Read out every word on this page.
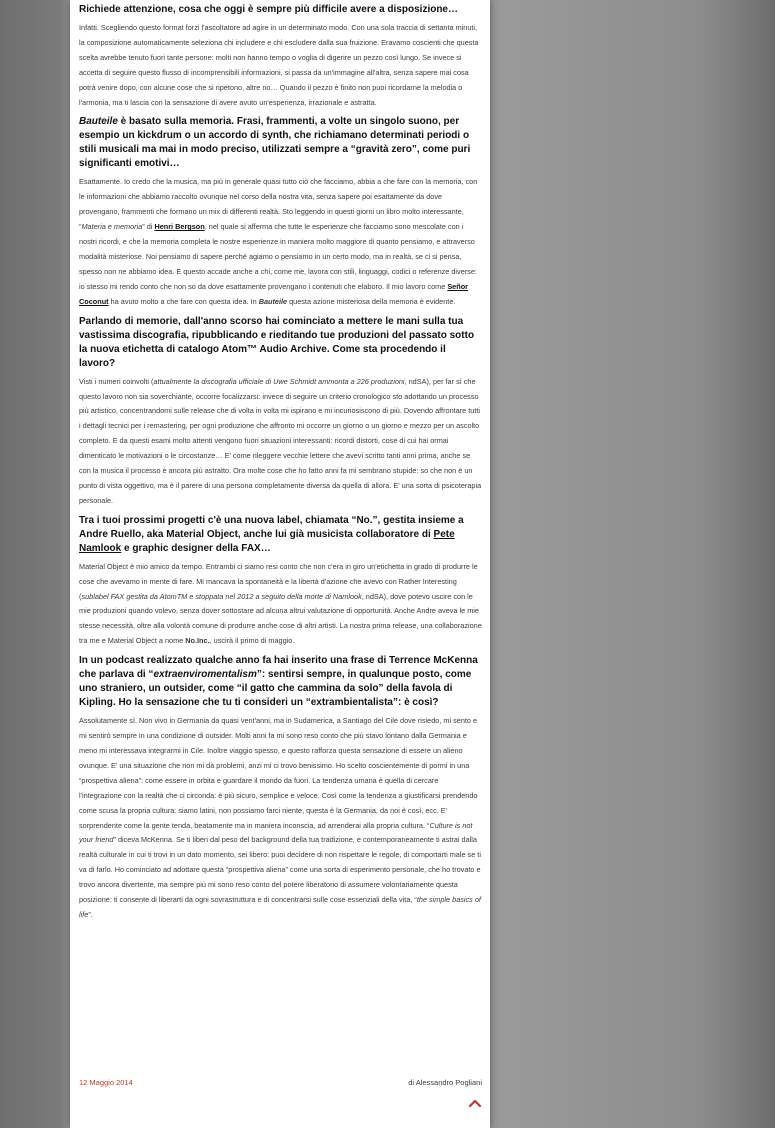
Richiede attenzione, cosa che oggi è sempre più difficile avere a disposizione…
Infatti. Scegliendo questo format forzi l'ascoltatore ad agire in un determinato modo. Con una sola traccia di settanta minuti, la composizione automaticamente seleziona chi includere e chi escludere dalla sua fruizione. Eravamo coscienti che questa scelta avrebbe tenuto fuori tante persone: molti non hanno tempo o voglia di digerire un pezzo così lungo. Se invece si accetta di seguire questo flusso di incomprensibili informazioni, si passa da un'immagine all'altra, senza sapere mai cosa potrà venire dopo, con alcune cose che si ripetono, altre no… Quando il pezzo è finito non puoi ricordarne la melodia o l'armonia, ma ti lascia con la sensazione di avere avuto un'esperienza, irrazionale e astratta.
Bauteile è basato sulla memoria. Frasi, frammenti, a volte un singolo suono, per esempio un kickdrum o un accordo di synth, che richiamano determinati periodi o stili musicali ma mai in modo preciso, utilizzati sempre a “gravità zero”, come puri significanti emotivi…
Esattamente. Io credo che la musica, ma più in generale quasi tutto ciò che facciamo, abbia a che fare con la memoria, con le informazioni che abbiamo raccolto ovunque nel corso della nostra vita, senza sapere poi esattamente da dove provengano, frammenti che formano un mix di differenti realtà. Sto leggendo in questi giorni un libro molto interessante, “Materia e memoria” di Henri Bergson, nel quale si afferma che tutte le esperienze che facciamo sono mescolate con i nostri ricordi, e che la memoria completa le nostre esperienze in maniera molto maggiore di quanto pensiamo, e attraverso modalità misteriose. Noi pensiamo di sapere perché agiamo o pensiamo in un certo modo, ma in realtà, se ci si pensa, spesso non ne abbiamo idea. E questo accade anche a chi, come me, lavora con stili, linguaggi, codici o referenze diverse: io stesso mi rendo conto che non so da dove esattamente provengano i contenuti che elaboro. Il mio lavoro come Señor Coconut ha avuto molto a che fare con questa idea. In Bauteile questa azione misteriosa della memoria è evidente.
Parlando di memorie, dall'anno scorso hai cominciato a mettere le mani sulla tua vastissima discografia, ripubblicando e rieditando tue produzioni del passato sotto la nuova etichetta di catalogo Atom™ Audio Archive. Come sta procedendo il lavoro?
Visti i numeri coinvolti (attualmente la discografia ufficiale di Uwe Schmidt ammonta a 226 produzioni, ndSA), per far sì che questo lavoro non sia soverchiante, occorre focalizzarsi: invece di seguire un criterio cronologico sto adottando un processo più artistico, concentrandomi sulle release che di volta in volta mi ispirano e mi incuriosiscono di più. Dovendo affrontare tutti i dettagli tecnici per i remastering, per ogni produzione che affronto mi occorre un giorno o un giorno e mezzo per un ascolto completo. E da questi esami molto attenti vengono fuori situazioni interessanti: ricordi distorti, cose di cui hai ormai dimenticato le motivazioni o le circostanze… E' come rileggere vecchie lettere che avevi scritto tanti anni prima, anche se con la musica il processo è ancora più astratto. Ora molte cose che ho fatto anni fa mi sembrano stupide: so che non è un punto di vista oggettivo, ma è il parere di una persona completamente diversa da quella di allora. E' una sorta di psicoterapia personale.
Tra i tuoi prossimi progetti c'è una nuova label, chiamata “No.”, gestita insieme a Andre Ruello, aka Material Object, anche lui già musicista collaboratore di Pete Namlook e graphic designer della FAX…
Material Object è mio amico da tempo. Entrambi ci siamo resi conto che non c'era in giro un'etichetta in grado di produrre le cose che avevamo in mente di fare. Mi mancava la spontaneità e la libertà d'azione che avevo con Rather Interesting (sublabel FAX gestita da AtomTM e stoppata nel 2012 a seguito della morte di Namlook, ndSA), dove potevo uscire con le mie produzioni quando volevo, senza dover sottostare ad alcuna altrui valutazione di opportunità. Anche Andre aveva le mie stesse necessità, oltre alla volontà comune di produrre anche cose di altri artisti. La nostra prima release, una collaborazione tra me e Material Object a nome No.Inc., uscirà il primo di maggio.
In un podcast realizzato qualche anno fa hai inserito una frase di Terrence McKenna che parlava di “extraenviromentalism”: sentirsi sempre, in qualunque posto, come uno straniero, un outsider, come “il gatto che cammina da solo” della favola di Kipling. Ho la sensazione che tu ti consideri un “extrambientalista”: è così?
Assolutamente sì. Non vivo in Germania da quasi vent'anni, ma in Sudamerica, a Santiago del Cile dove risiedo, mi sento e mi sentirò sempre in una condizione di outsider. Molti anni fa mi sono reso conto che più stavo lontano dalla Germania e meno mi interessava integrarmi in Cile. Inoltre viaggio spesso, e questo rafforza questa sensazione di essere un alieno ovunque. E' una situazione che non mi dà problemi, anzi mi ci trovo benissimo. Ho scelto coscientemente di pormi in una “prospettiva aliena”: come essere in orbita e guardare il mondo da fuori. La tendenza umana è quella di cercare l'integrazione con la realtà che ci circonda: è più sicuro, semplice e veloce. Così come la tendenza a giustificarsi prendendo come scusa la propria cultura: siamo latini, non possiamo farci niente, questa è la Germania, da noi è così, ecc. E' sorprendente come la gente tenda, beatamente ma in maniera inconscia, ad arrenderai alla propria cultura. “Culture is not your friend” diceva McKenna. Se ti liberi dal peso del background della tua tradizione, e contemporaneamente ti astrai dalla realtà culturale in cui ti trovi in un dato momento, sei libero: puoi decidere di non rispettare le regole, di comportarti male se ti va di farlo. Ho cominciato ad adottare questa “prospettiva aliena” come una sorta di esperimento personale, che ho trovato e trovo ancora divertente, ma sempre più mi sono reso conto del potere liberatorio di assumere volontariamente questa posizione: ti consente di liberarti da ogni sovrastruttura e di concentrarsi sulle cose essenziali della vita, “the simple basics of life”.
12 Maggio 2014	di Alessandro Pogliani
